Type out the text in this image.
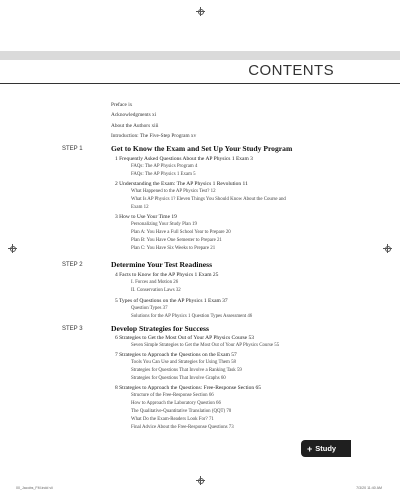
CONTENTS
Preface ix
Acknowledgments xi
About the Authors xiii
Introduction: The Five-Step Program xv
STEP 1	Get to Know the Exam and Set Up Your Study Program
1 Frequently Asked Questions About the AP Physics 1 Exam 3
FAQs: The AP Physics Program 4
FAQs: The AP Physics 1 Exam 5
2 Understanding the Exam: The AP Physics 1 Revolution 11
What Happened to the AP Physics Test? 12
What Is AP Physics 1? Eleven Things You Should Know About the Course and
Exam 12
3 How to Use Your Time 19
Personalizing Your Study Plan 19
Plan A: You Have a Full School Year to Prepare 20
Plan B: You Have One Semester to Prepare 21
Plan C: You Have Six Weeks to Prepare 21
STEP 2	Determine Your Test Readiness
4 Facts to Know for the AP Physics 1 Exam 25
I. Forces and Motion 26
II. Conservation Laws 32
5 Types of Questions on the AP Physics 1 Exam 37
Question Types 37
Solutions for the AP Physics 1 Question Types Assessment 46
STEP 3	Develop Strategies for Success
6 Strategies to Get the Most Out of Your AP Physics Course 53
Seven Simple Strategies to Get the Most Out of Your AP Physics Course 55
7 Strategies to Approach the Questions on the Exam 57
Tools You Can Use and Strategies for Using Them 58
Strategies for Questions That Involve a Ranking Task 59
Strategies for Questions That Involve Graphs 60
8 Strategies to Approach the Questions: Free-Response Section 65
Structure of the Free-Response Section 66
How to Approach the Laboratory Question 66
The Qualitative-Quantitative Translation (QQT) 70
What Do the Exam-Readers Look For? 71
Final Advice About the Free-Response Questions 73
+ Study
00_Jacobs_FM.indd vii	7/3/20 11:40 AM
